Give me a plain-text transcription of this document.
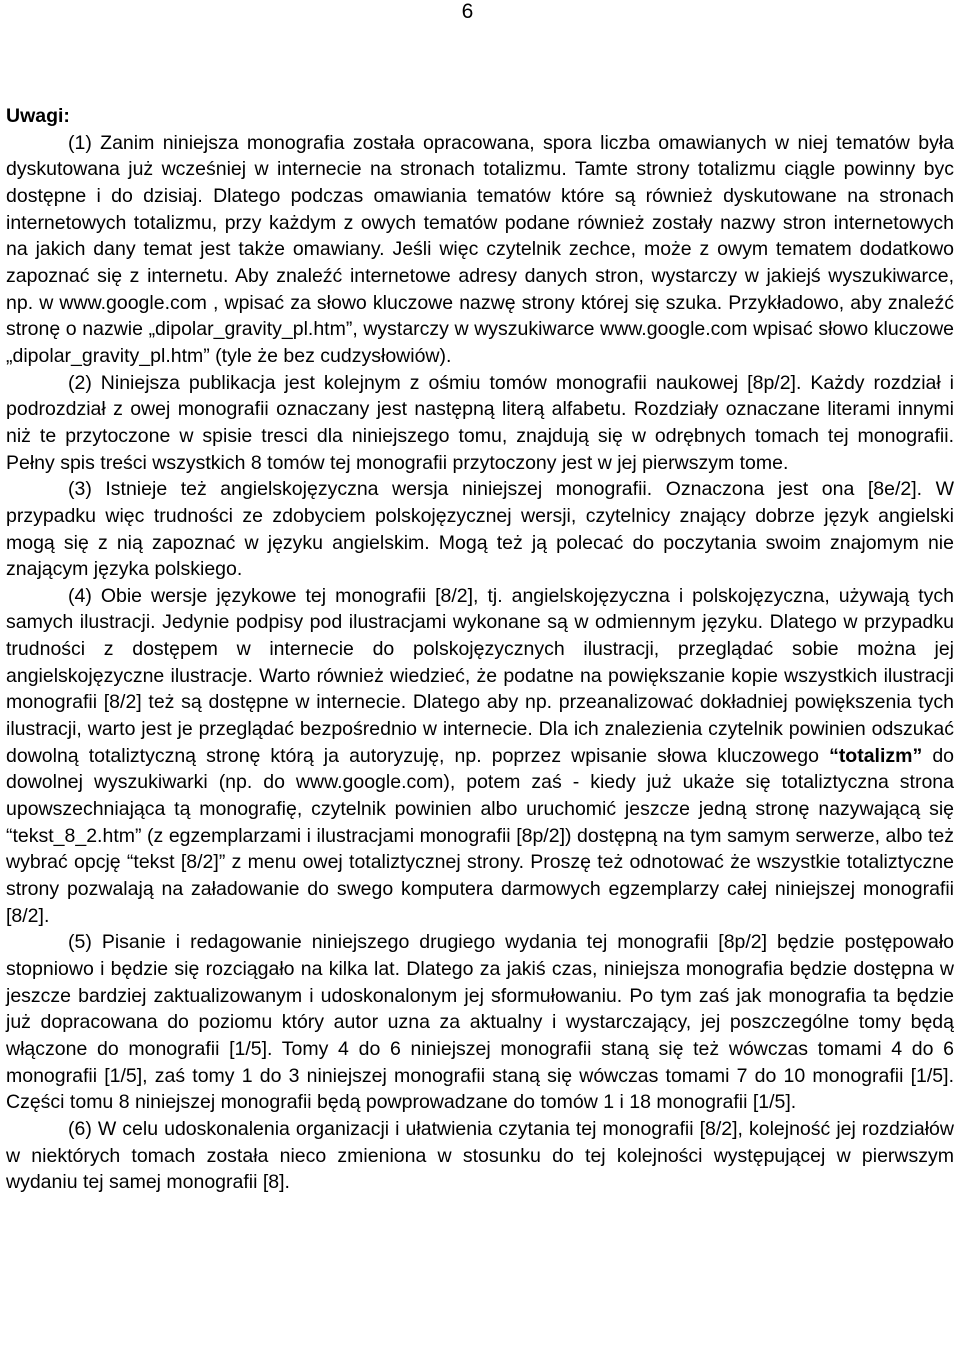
6

Uwagi:

(1) Zanim niniejsza monografia została opracowana, spora liczba omawianych w niej tematów była dyskutowana już wcześniej w internecie na stronach totalizmu. Tamte strony totalizmu ciągle powinny byc dostępne i do dzisiaj. Dlatego podczas omawiania tematów które są również dyskutowane na stronach internetowych totalizmu, przy każdym z owych tematów podane również zostały nazwy stron internetowych na jakich dany temat jest także omawiany. Jeśli więc czytelnik zechce, może z owym tematem dodatkowo zapoznać się z internetu. Aby znaleźć internetowe adresy danych stron, wystarczy w jakiejś wyszukiwarce, np. w www.google.com , wpisać za słowo kluczowe nazwę strony której się szuka. Przykładowo, aby znaleźć stronę o nazwie „dipolar_gravity_pl.htm”, wystarczy w wyszukiwarce www.google.com wpisać słowo kluczowe „dipolar_gravity_pl.htm” (tyle że bez cudzysłowiów).

(2) Niniejsza publikacja jest kolejnym z ośmiu tomów monografii naukowej [8p/2]. Każdy rozdział i podrozdział z owej monografii oznaczany jest następną literą alfabetu. Rozdziały oznaczane literami innymi niż te przytoczone w spisie tresci dla niniejszego tomu, znajdują się w odrębnych tomach tej monografii. Pełny spis treści wszystkich 8 tomów tej monografii przytoczony jest w jej pierwszym tome.

(3) Istnieje też angielskojęzyczna wersja niniejszej monografii. Oznaczona jest ona [8e/2]. W przypadku więc trudności ze zdobyciem polskojęzycznej wersji, czytelnicy znający dobrze język angielski mogą się z nią zapoznać w języku angielskim. Mogą też ją polecać do poczytania swoim znajomym nie znającym języka polskiego.

(4) Obie wersje językowe tej monografii [8/2], tj. angielskojęzyczna i polskojęzyczna, używają tych samych ilustracji. Jedynie podpisy pod ilustracjami wykonane są w odmiennym języku. Dlatego w przypadku trudności z dostępem w internecie do polskojęzycznych ilustracji, przeglądać sobie można jej angielskojęzyczne ilustracje. Warto również wiedzieć, że podatne na powiększanie kopie wszystkich ilustracji monografii [8/2] też są dostępne w internecie. Dlatego aby np. przeanalizować dokładniej powiększenia tych ilustracji, warto jest je przeglądać bezpośrednio w internecie. Dla ich znalezienia czytelnik powinien odszukać dowolną totaliztyczną stronę którą ja autoryzuję, np. poprzez wpisanie słowa kluczowego “totalizm” do dowolnej wyszukiwarki (np. do www.google.com), potem zaś - kiedy już ukaże się totaliztyczna strona upowszechniająca tą monografię, czytelnik powinien albo uruchomić jeszcze jedną stronę nazywającą się “tekst_8_2.htm” (z egzemplarzami i ilustracjami monografii [8p/2]) dostępną na tym samym serwerze, albo też wybrać opcję “tekst [8/2]” z menu owej totaliztycznej strony. Proszę też odnotować że wszystkie totaliztyczne strony pozwalają na załadowanie do swego komputera darmowych egzemplarzy całej niniejszej monografii [8/2].

(5) Pisanie i redagowanie niniejszego drugiego wydania tej monografii [8p/2] będzie postępowało stopniowo i będzie się rozciągało na kilka lat. Dlatego za jakiś czas, niniejsza monografia będzie dostępna w jeszcze bardziej zaktualizowanym i udoskonalonym jej sformułowaniu. Po tym zaś jak monografia ta będzie już dopracowana do poziomu który autor uzna za aktualny i wystarczający, jej poszczególne tomy będą włączone do monografii [1/5]. Tomy 4 do 6 niniejszej monografii staną się też wówczas tomami 4 do 6 monografii [1/5], zaś tomy 1 do 3 niniejszej monografii staną się wówczas tomami 7 do 10 monografii [1/5]. Części tomu 8 niniejszej monografii będą powprowadzane do tomów 1 i 18 monografii [1/5].

(6) W celu udoskonalenia organizacji i ułatwienia czytania tej monografii [8/2], kolejność jej rozdziałów w niektórych tomach została nieco zmieniona w stosunku do tej kolejności występującej w pierwszym wydaniu tej samej monografii [8].
